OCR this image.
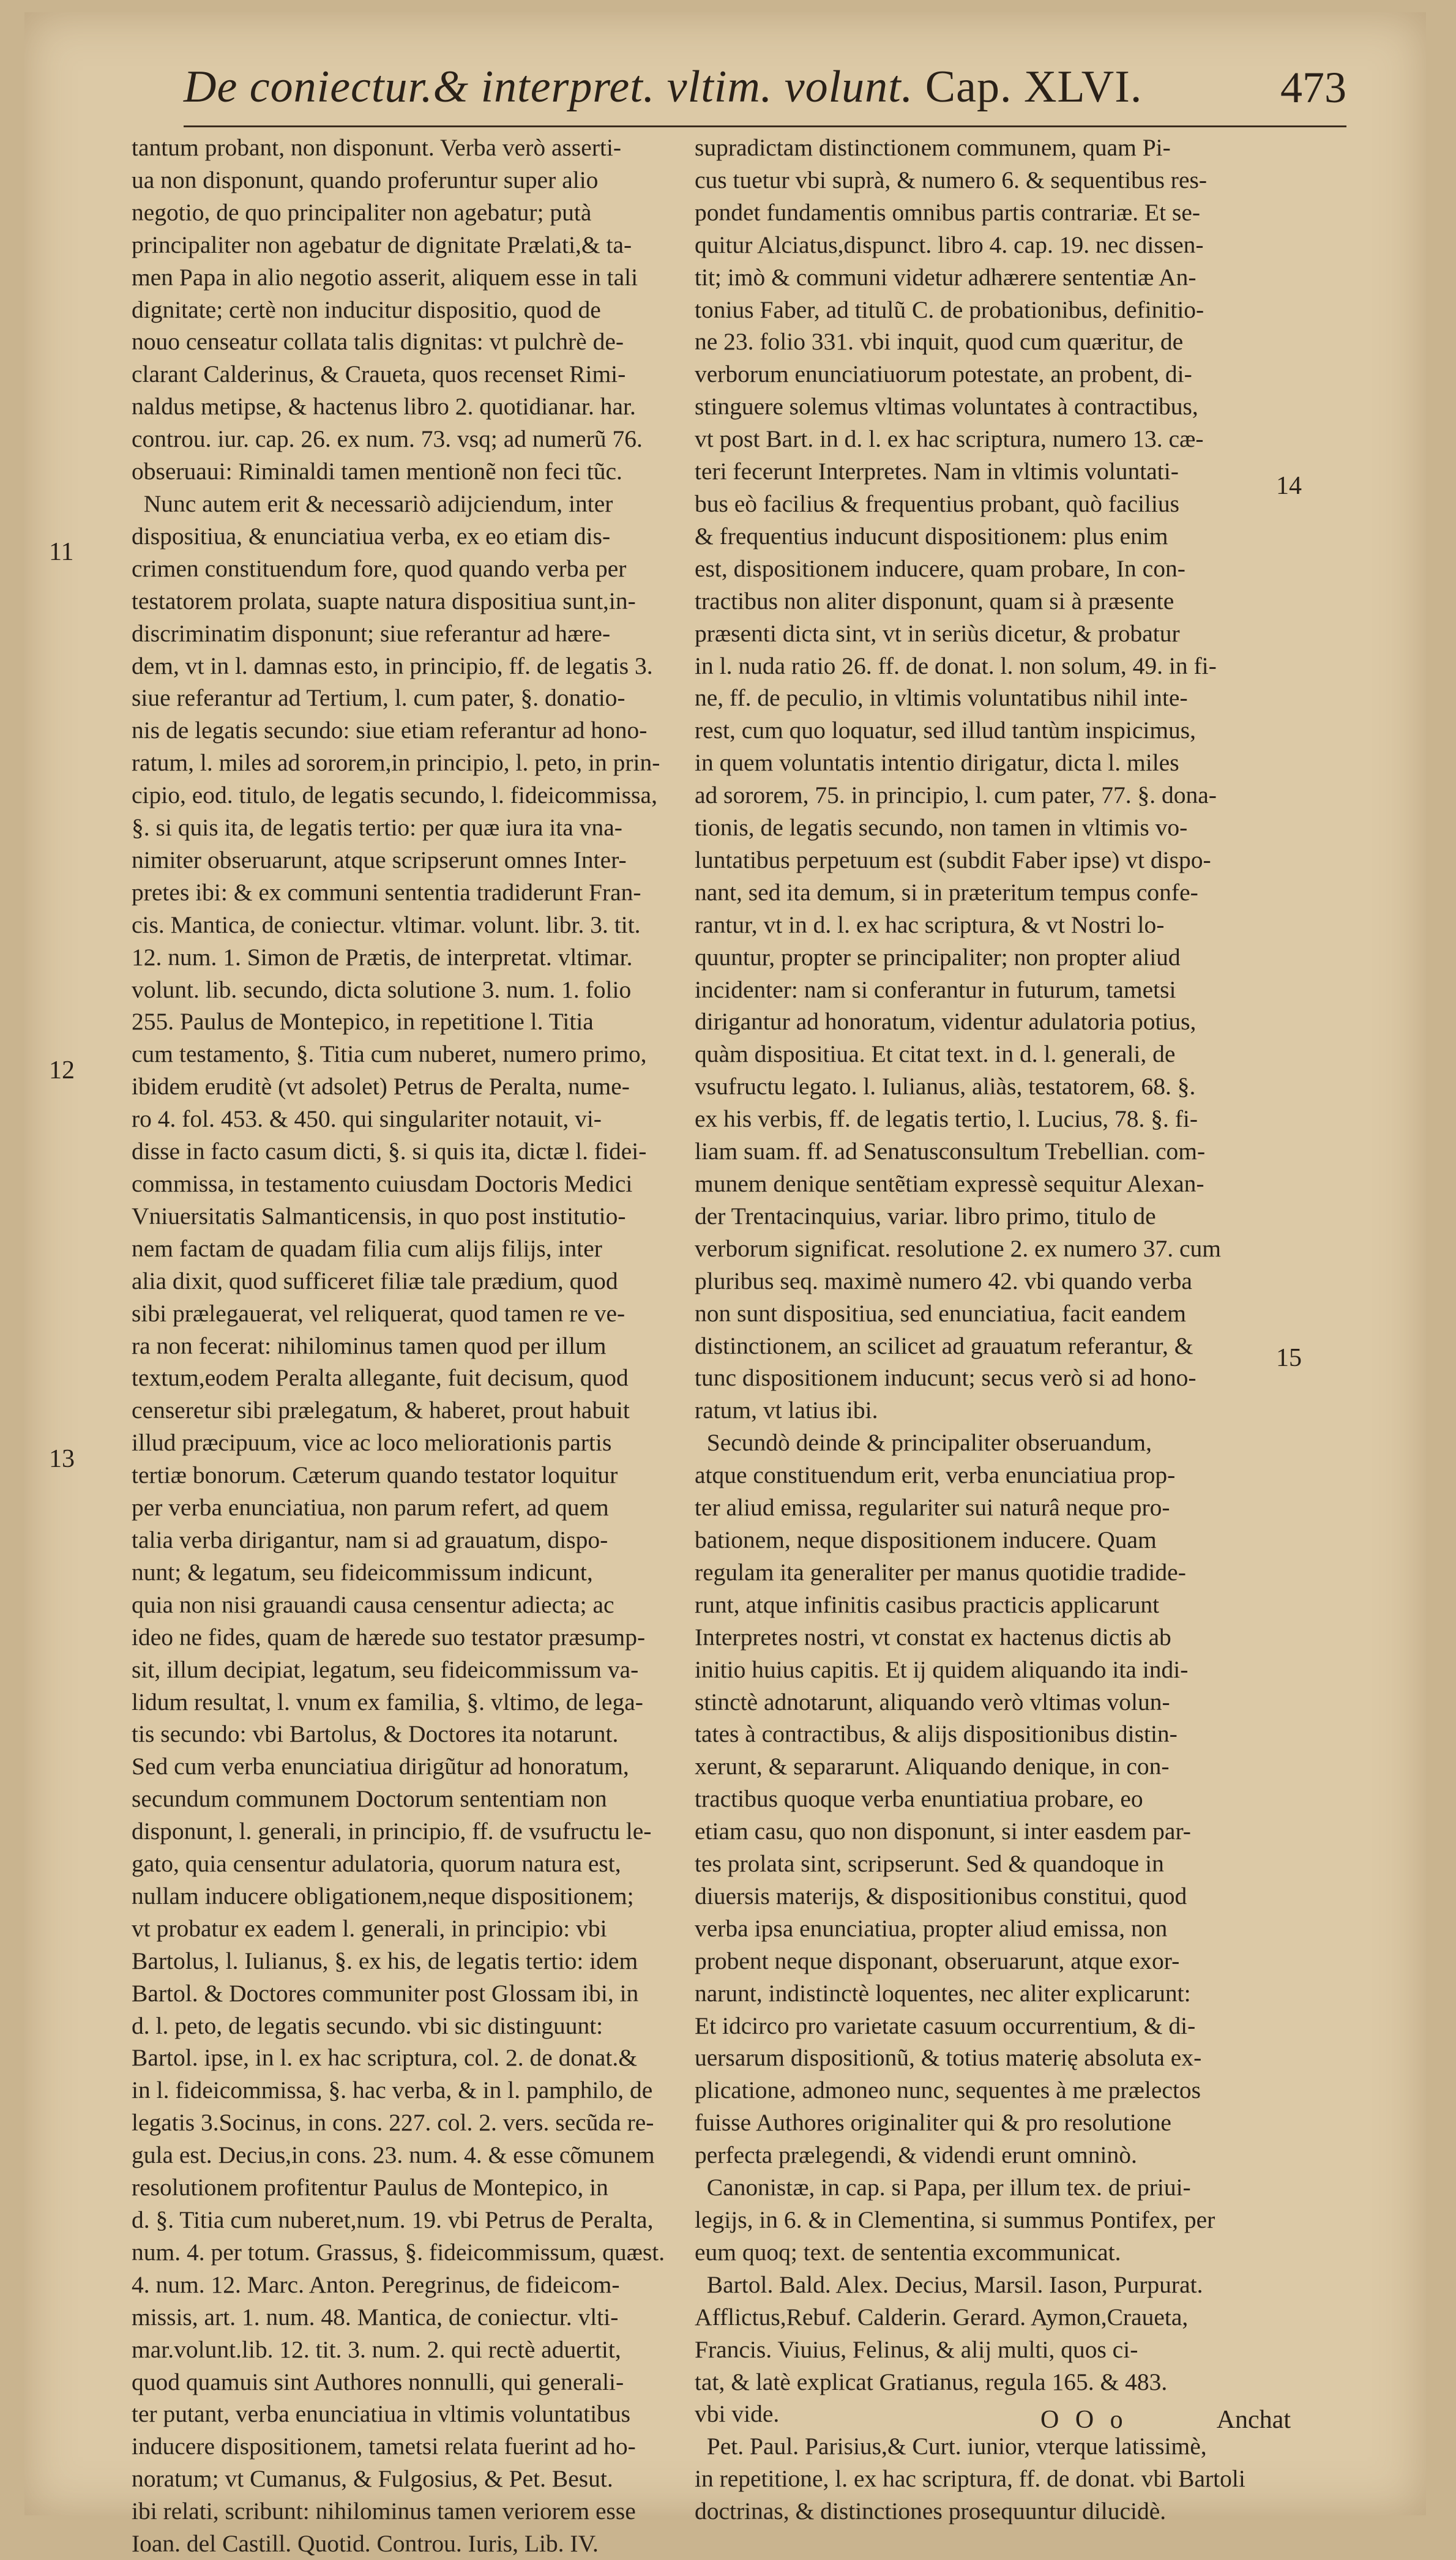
De coniectur.& interpret. vltim. volunt. Cap. XLVI.	473

tantum probant, non disponunt. Verba verò asserti-

ua non disponunt, quando proferuntur super alio

negotio, de quo principaliter non agebatur; putà

principaliter non agebatur de dignitate Prælati,& ta-

men Papa in alio negotio asserit, aliquem esse in tali

dignitate; certè non inducitur dispositio, quod de

nouo censeatur collata talis dignitas: vt pulchrè de-

clarant Calderinus, & Craueta, quos recenset Rimi-

naldus metipse, & hactenus libro 2. quotidianar. har.

controu. iur. cap. 26. ex num. 73. vsq; ad numerũ 76.

obseruaui: Riminaldi tamen mentionẽ non feci tũc.

Nunc autem erit & necessariò adijciendum, inter

dispositiua, & enunciatiua verba, ex eo etiam dis-

crimen constituendum fore, quod quando verba per

testatorem prolata, suapte natura dispositiua sunt,in-

discriminatim disponunt; siue referantur ad hære-

dem, vt in l. damnas esto, in principio, ff. de legatis 3.

siue referantur ad Tertium, l. cum pater, §. donatio-

nis de legatis secundo: siue etiam referantur ad hono-

ratum, l. miles ad sororem,in principio, l. peto, in prin-

cipio, eod. titulo, de legatis secundo, l. fideicommissa,

§. si quis ita, de legatis tertio: per quæ iura ita vna-

nimiter obseruarunt, atque scripserunt omnes Inter-

pretes ibi: & ex communi sententia tradiderunt Fran-

cis. Mantica, de coniectur. vltimar. volunt. libr. 3. tit.

12. num. 1. Simon de Prætis, de interpretat. vltimar.

volunt. lib. secundo, dicta solutione 3. num. 1. folio

255. Paulus de Montepico, in repetitione l. Titia

cum testamento, §. Titia cum nuberet, numero primo,

ibidem eruditè (vt adsolet) Petrus de Peralta, nume-

ro 4. fol. 453. & 450. qui singulariter notauit, vi-

disse in facto casum dicti, §. si quis ita, dictæ l. fidei-

commissa, in testamento cuiusdam Doctoris Medici

Vniuersitatis Salmanticensis, in quo post institutio-

nem factam de quadam filia cum alijs filijs, inter

alia dixit, quod sufficeret filiæ tale prædium, quod

sibi prælegauerat, vel reliquerat, quod tamen re ve-

ra non fecerat: nihilominus tamen quod per illum

textum,eodem Peralta allegante, fuit decisum, quod

censeretur sibi prælegatum, & haberet, prout habuit

illud præcipuum, vice ac loco meliorationis partis

tertiæ bonorum. Cæterum quando testator loquitur

per verba enunciatiua, non parum refert, ad quem

talia verba dirigantur, nam si ad grauatum, dispo-

nunt; & legatum, seu fideicommissum indicunt,

quia non nisi grauandi causa censentur adiecta; ac

ideo ne fides, quam de hærede suo testator præsump-

sit, illum decipiat, legatum, seu fideicommissum va-

lidum resultat, l. vnum ex familia, §. vltimo, de lega-

tis secundo: vbi Bartolus, & Doctores ita notarunt.

Sed cum verba enunciatiua dirigũtur ad honoratum,

secundum communem Doctorum sententiam non

disponunt, l. generali, in principio, ff. de vsufructu le-

gato, quia censentur adulatoria, quorum natura est,

nullam inducere obligationem,neque dispositionem;

vt probatur ex eadem l. generali, in principio: vbi

Bartolus, l. Iulianus, §. ex his, de legatis tertio: idem

Bartol. & Doctores communiter post Glossam ibi, in

d. l. peto, de legatis secundo. vbi sic distinguunt:

Bartol. ipse, in l. ex hac scriptura, col. 2. de donat.&

in l. fideicommissa, §. hac verba, & in l. pamphilo, de

legatis 3.Socinus, in cons. 227. col. 2. vers. secũda re-

gula est. Decius,in cons. 23. num. 4. & esse cõmunem

resolutionem profitentur Paulus de Montepico, in

d. §. Titia cum nuberet,num. 19. vbi Petrus de Peralta,

num. 4. per totum. Grassus, §. fideicommissum, quæst.

4. num. 12. Marc. Anton. Peregrinus, de fideicom-

missis, art. 1. num. 48. Mantica, de coniectur. vlti-

mar.volunt.lib. 12. tit. 3. num. 2. qui rectè aduertit,

quod quamuis sint Authores nonnulli, qui generali-

ter putant, verba enunciatiua in vltimis voluntatibus

inducere dispositionem, tametsi relata fuerint ad ho-

noratum; vt Cumanus, & Fulgosius, & Pet. Besut.

ibi relati, scribunt: nihilominus tamen veriorem esse

Ioan. del Castill. Quotid. Controu. Iuris, Lib. IV.

supradictam distinctionem communem, quam Pi-

cus tuetur vbi suprà, & numero 6. & sequentibus res-

pondet fundamentis omnibus partis contrariæ. Et se-

quitur Alciatus,dispunct. libro 4. cap. 19. nec dissen-

tit; imò & communi videtur adhærere sententiæ An-

tonius Faber, ad titulũ C. de probationibus, definitio-

ne 23. folio 331. vbi inquit, quod cum quæritur, de

verborum enunciatiuorum potestate, an probent, di-

stinguere solemus vltimas voluntates à contractibus,

vt post Bart. in d. l. ex hac scriptura, numero 13. cæ-

teri fecerunt Interpretes. Nam in vltimis voluntati-

bus eò facilius & frequentius probant, quò facilius

& frequentius inducunt dispositionem: plus enim

est, dispositionem inducere, quam probare, In con-

tractibus non aliter disponunt, quam si à præsente

præsenti dicta sint, vt in seriùs dicetur, & probatur

in l. nuda ratio 26. ff. de donat. l. non solum, 49. in fi-

ne, ff. de peculio, in vltimis voluntatibus nihil inte-

rest, cum quo loquatur, sed illud tantùm inspicimus,

in quem voluntatis intentio dirigatur, dicta l. miles

ad sororem, 75. in principio, l. cum pater, 77. §. dona-

tionis, de legatis secundo, non tamen in vltimis vo-

luntatibus perpetuum est (subdit Faber ipse) vt dispo-

nant, sed ita demum, si in præteritum tempus confe-

rantur, vt in d. l. ex hac scriptura, & vt Nostri lo-

quuntur, propter se principaliter; non propter aliud

incidenter: nam si conferantur in futurum, tametsi

dirigantur ad honoratum, videntur adulatoria potius,

quàm dispositiua. Et citat text. in d. l. generali, de

vsufructu legato. l. Iulianus, aliàs, testatorem, 68. §.

ex his verbis, ff. de legatis tertio, l. Lucius, 78. §. fi-

liam suam. ff. ad Senatusconsultum Trebellian. com-

munem denique sentẽtiam expressè sequitur Alexan-

der Trentacinquius, variar. libro primo, titulo de

verborum significat. resolutione 2. ex numero 37. cum

pluribus seq. maximè numero 42. vbi quando verba

non sunt dispositiua, sed enunciatiua, facit eandem

distinctionem, an scilicet ad grauatum referantur, &

tunc dispositionem inducunt; secus verò si ad hono-

ratum, vt latius ibi.

Secundò deinde & principaliter obseruandum,

atque constituendum erit, verba enunciatiua prop-

ter aliud emissa, regulariter sui naturâ neque pro-

bationem, neque dispositionem inducere. Quam

regulam ita generaliter per manus quotidie tradide-

runt, atque infinitis casibus practicis applicarunt

Interpretes nostri, vt constat ex hactenus dictis ab

initio huius capitis. Et ij quidem aliquando ita indi-

stinctè adnotarunt, aliquando verò vltimas volun-

tates à contractibus, & alijs dispositionibus distin-

xerunt, & separarunt. Aliquando denique, in con-

tractibus quoque verba enuntiatiua probare, eo

etiam casu, quo non disponunt, si inter easdem par-

tes prolata sint, scripserunt. Sed & quandoque in

diuersis materijs, & dispositionibus constitui, quod

verba ipsa enunciatiua, propter aliud emissa, non

probent neque disponant, obseruarunt, atque exor-

narunt, indistinctè loquentes, nec aliter explicarunt:

Et idcirco pro varietate casuum occurrentium, & di-

uersarum dispositionũ, & totius materię absoluta ex-

plicatione, admoneo nunc, sequentes à me prælectos

fuisse Authores originaliter qui & pro resolutione

perfecta prælegendi, & videndi erunt omninò.

Canonistæ, in cap. si Papa, per illum tex. de priui-

legijs, in 6. & in Clementina, si summus Pontifex, per

eum quoq; text. de sententia excommunicat.

Bartol. Bald. Alex. Decius, Marsil. Iason, Purpurat.

Afflictus,Rebuf. Calderin. Gerard. Aymon,Craueta,

Francis. Viuius, Felinus, & alij multi, quos ci-

tat, & latè explicat Gratianus, regula 165. & 483.

vbi vide.

Pet. Paul. Parisius,& Curt. iunior, vterque latissimè,

in repetitione, l. ex hac scriptura, ff. de donat. vbi Bartoli

doctrinas, & distinctiones prosequuntur dilucidè.

11
12
13
14
15
O O o	Anchat
